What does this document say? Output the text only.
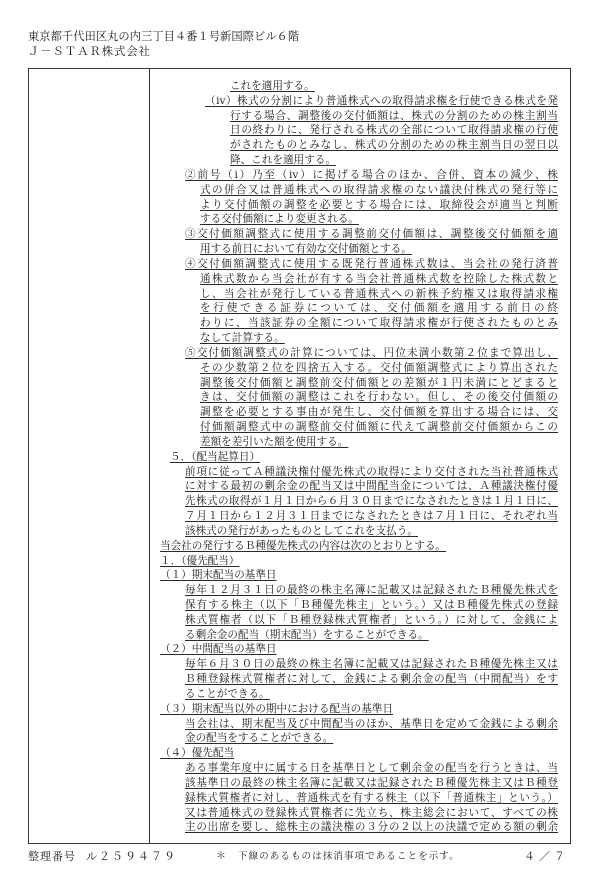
東京都千代田区丸の内三丁目４番１号新国際ビル６階
Ｊ－ＳＴＡＲ株式会社
これを適用する。
（ⅳ）株式の分割により普通株式への取得請求権を行使できる株式を発
行する場合、調整後の交付価額は、株式の分割のための株主割当
日の終わりに、発行される株式の全部について取得請求権の行使
がされたものとみなし、株式の分割のための株主割当日の翌日以
降、これを適用する。
②前号（ⅰ）乃至（ⅳ）に掲げる場合のほか、合併、資本の減少、株
式の併合又は普通株式への取得請求権のない議決付株式の発行等に
より交付価額の調整を必要とする場合には、取締役会が適当と判断
する交付価額により変更される。
③交付価額調整式に使用する調整前交付価額は、調整後交付価額を適
用する前日において有効な交付価額とする。
④交付価額調整式に使用する既発行普通株式数は、当会社の発行済普
通株式数から当会社が有する当会社普通株式数を控除した株式数と
し、当会社が発行している普通株式への新株予約権又は取得請求権
を行使できる証券については、交付価額を適用する前日の終
わりに、当該証券の全額について取得請求権が行使されたものとみ
なして計算する。
⑤交付価額調整式の計算については、円位未満小数第２位まで算出し、
その少数第２位を四捨五入する。交付価額調整式により算出された
調整後交付価額と調整前交付価額との差額が１円未満にとどまると
きは、交付価額の調整はこれを行わない。但し、その後交付価額の
調整を必要とする事由が発生し、交付価額を算出する場合には、交
付価額調整式中の調整前交付価額に代えて調整前交付価額からこの
差額を差引いた額を使用する。
５．（配当起算日）
前項に従ってＡ種議決権付優先株式の取得により交付された当社普通株式
に対する最初の剰余金の配当又は中間配当金については、Ａ種議決権付優
先株式の取得が１月１日から６月３０日までになされたときは１月１日に、
７月１日から１２月３１日までになされたときは７月１日に、それぞれ当
該株式の発行があったものとしてこれを支払う。
当会社の発行するＢ種優先株式の内容は次のとおりとする。
１．（優先配当）
（１）期末配当の基準日
毎年１２月３１日の最終の株主名簿に記載又は記録されたＢ種優先株式を
保有する株主（以下「Ｂ種優先株主」という。）又はＢ種優先株式の登録
株式質権者（以下「Ｂ種登録株式質権者」という。）に対して、金銭によ
る剰余金の配当（期末配当）をすることができる。
（２）中間配当の基準日
毎年６月３０日の最終の株主名簿に記載又は記録されたＢ種優先株主又は
Ｂ種登録株式質権者に対して、金銭による剰余金の配当（中間配当）をす
ることができる。
（３）期末配当以外の期中における配当の基準日
当会社は、期末配当及び中間配当のほか、基準日を定めて金銭による剰余
金の配当をすることができる。
（４）優先配当
ある事業年度中に属する日を基準日として剰余金の配当を行うときは、当
該基準日の最終の株主名簿に記載又は記録されたＢ種優先株主又はＢ種登
録株式質権者に対し、普通株式を有する株主（以下「普通株主」という。）
又は普通株式の登録株式質権者に先立ち、株主総会において、すべての株
主の出席を要し、総株主の議決権の３分の２以上の決議で定める額の剰余
整理番号 ル２５９４７９	＊ 下線のあるものは抹消事項であることを示す。	４／７
